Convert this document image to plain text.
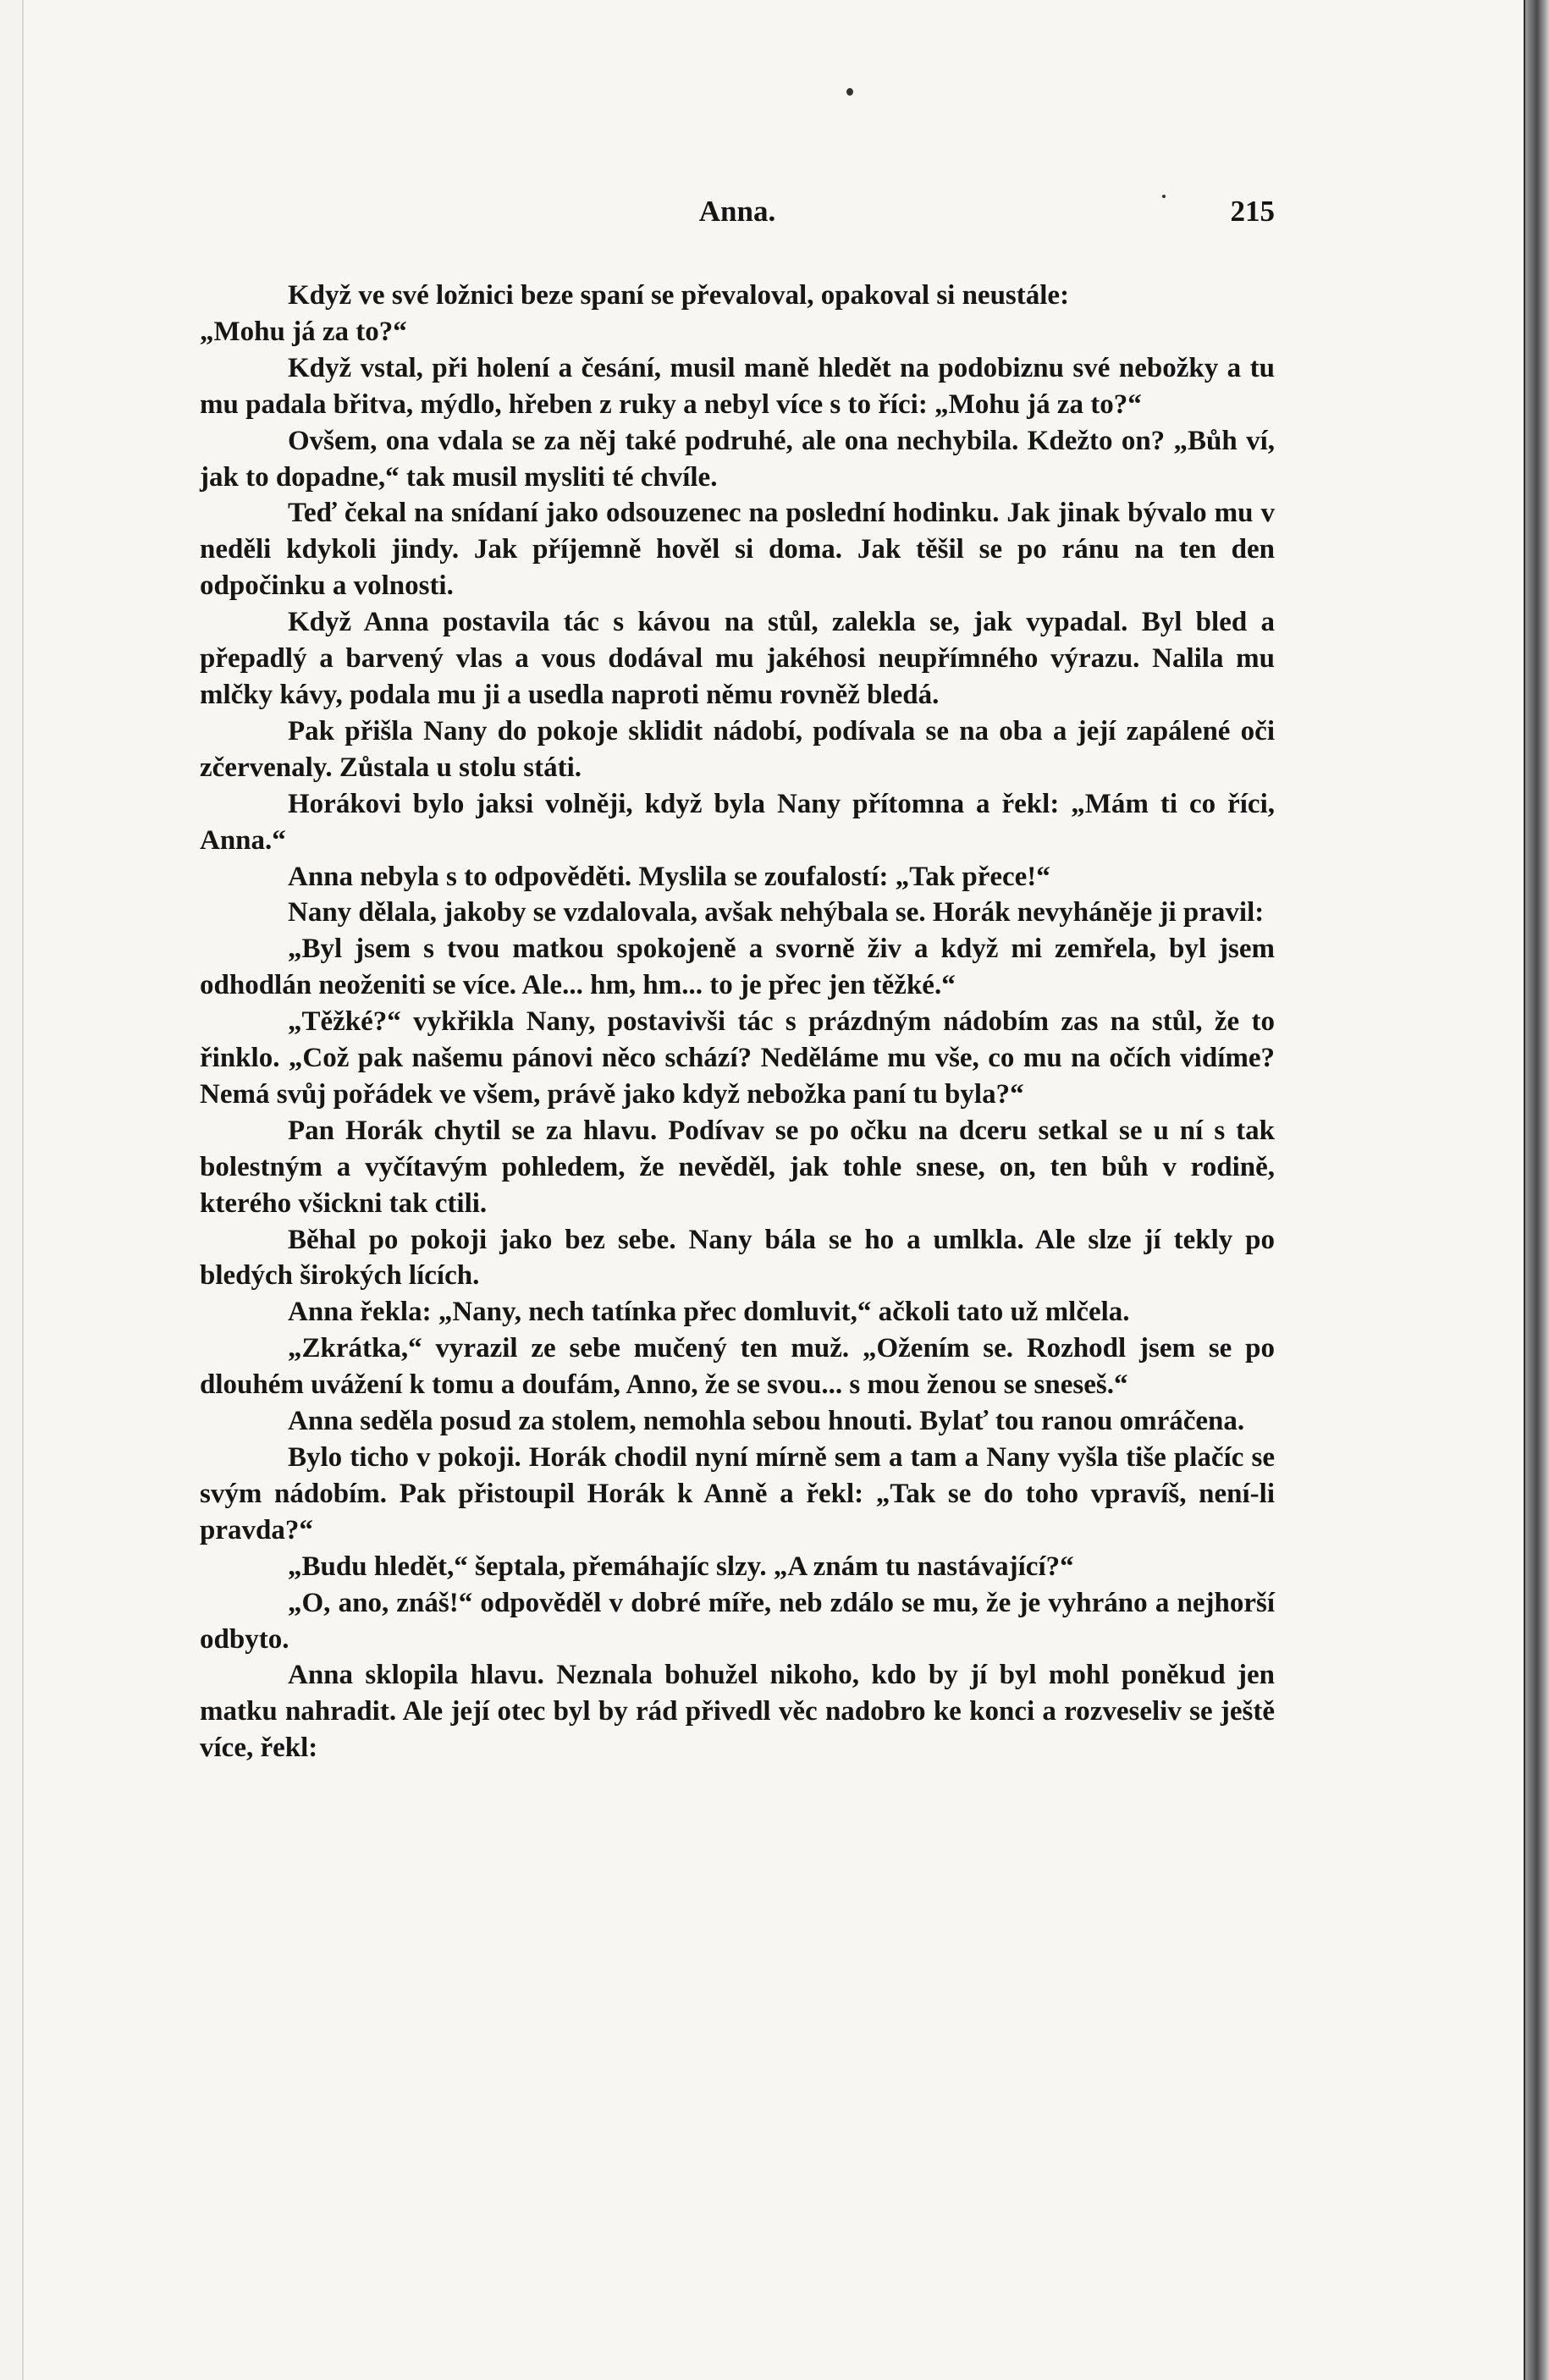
Anna.	215

Když ve své ložnici beze spaní se převaloval, opakoval si neustále:

„Mohu já za to?“

Když vstal, při holení a česání, musil maně hledět na podobiznu své nebožky a tu mu padala břitva, mýdlo, hřeben z ruky a nebyl více s to říci: „Mohu já za to?“

Ovšem, ona vdala se za něj také podruhé, ale ona nechybila. Kdežto on? „Bůh ví, jak to dopadne,“ tak musil mysliti té chvíle.

Teď čekal na snídaní jako odsouzenec na poslední hodinku. Jak jinak bývalo mu v neděli kdykoli jindy. Jak příjemně hověl si doma. Jak těšil se po ránu na ten den odpočinku a volnosti.

Když Anna postavila tác s kávou na stůl, zalekla se, jak vypadal. Byl bled a přepadlý a barvený vlas a vous dodával mu jakéhosi neupřímného výrazu. Nalila mu mlčky kávy, podala mu ji a usedla naproti němu rovněž bledá.

Pak přišla Nany do pokoje sklidit nádobí, podívala se na oba a její zapálené oči zčervenaly. Zůstala u stolu státi.

Horákovi bylo jaksi volněji, když byla Nany přítomna a řekl: „Mám ti co říci, Anna.“

Anna nebyla s to odpověděti. Myslila se zoufalostí: „Tak přece!“

Nany dělala, jakoby se vzdalovala, avšak nehýbala se. Horák nevyháněje ji pravil:

„Byl jsem s tvou matkou spokojeně a svorně živ a když mi zemřela, byl jsem odhodlán neoženiti se více. Ale... hm, hm... to je přec jen těžké.“

„Těžké?“ vykřikla Nany, postavivši tác s prázdným nádobím zas na stůl, že to řinklo. „Což pak našemu pánovi něco schází? Neděláme mu vše, co mu na očích vidíme? Nemá svůj pořádek ve všem, právě jako když nebožka paní tu byla?“

Pan Horák chytil se za hlavu. Podívav se po očku na dceru setkal se u ní s tak bolestným a vyčítavým pohledem, že nevěděl, jak tohle snese, on, ten bůh v rodině, kterého všickni tak ctili.

Běhal po pokoji jako bez sebe. Nany bála se ho a umlkla. Ale slze jí tekly po bledých širokých lících.

Anna řekla: „Nany, nech tatínka přec domluvit,“ ačkoli tato už mlčela.

„Zkrátka,“ vyrazil ze sebe mučený ten muž. „Ožením se. Rozhodl jsem se po dlouhém uvážení k tomu a doufám, Anno, že se svou... s mou ženou se sneseš.“

Anna seděla posud za stolem, nemohla sebou hnouti. Bylať tou ranou omráčena.

Bylo ticho v pokoji. Horák chodil nyní mírně sem a tam a Nany vyšla tiše plačíc se svým nádobím. Pak přistoupil Horák k Anně a řekl: „Tak se do toho vpravíš, není-li pravda?“

„Budu hledět,“ šeptala, přemáhajíc slzy. „A znám tu nastávající?“

„O, ano, znáš!“ odpověděl v dobré míře, neb zdálo se mu, že je vyhráno a nejhorší odbyto.

Anna sklopila hlavu. Neznala bohužel nikoho, kdo by jí byl mohl poněkud jen matku nahradit. Ale její otec byl by rád přivedl věc nadobro ke konci a rozveseliv se ještě více, řekl:
